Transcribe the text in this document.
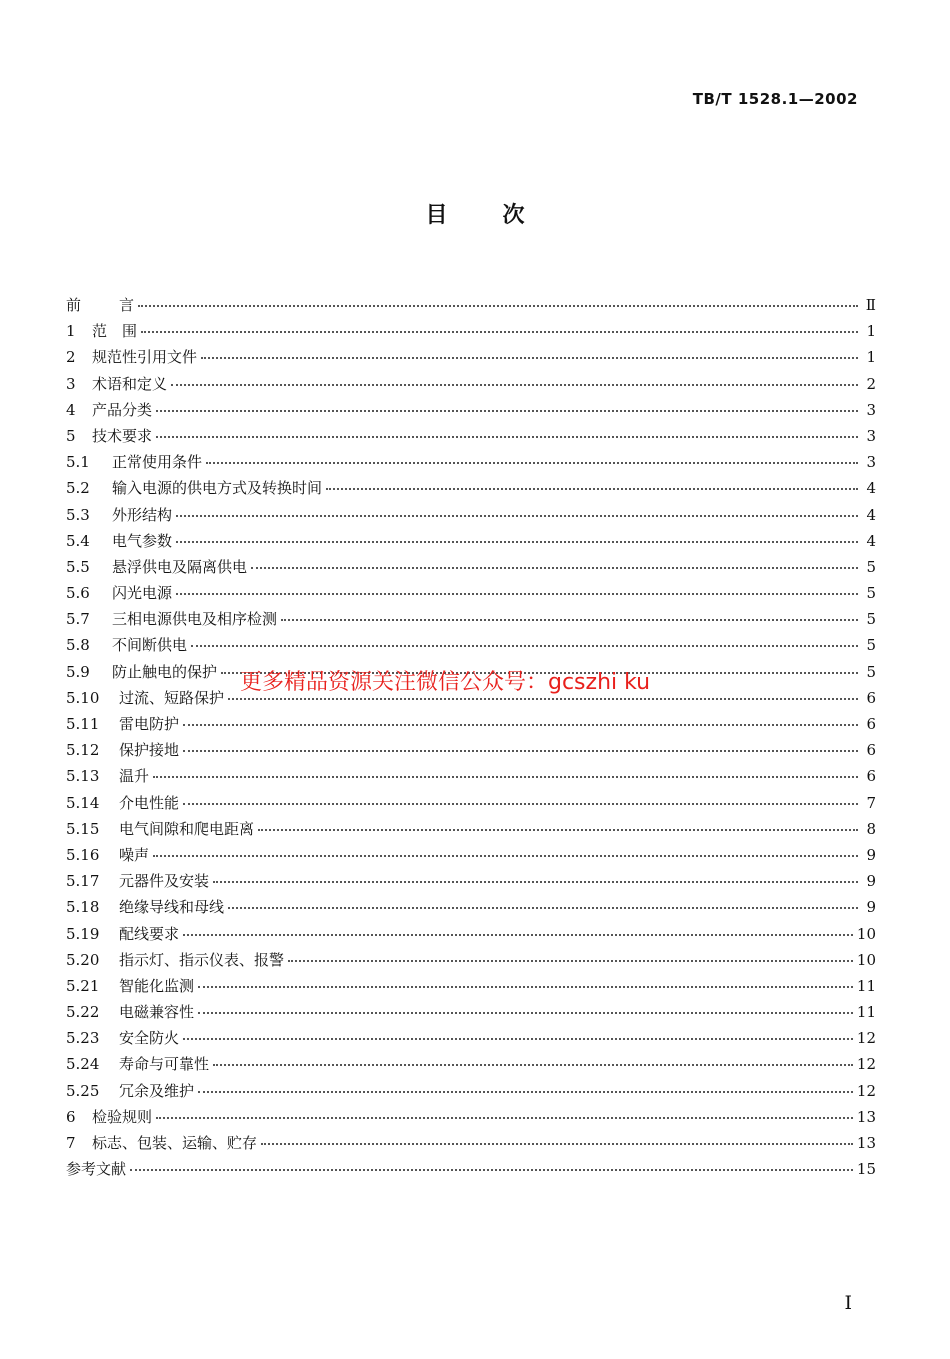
TB/T 1528.1—2002
目次
前	言	Ⅱ
1	范　围	1
2	规范性引用文件	1
3	术语和定义	2
4	产品分类	3
5	技术要求	3
5.1	正常使用条件	3
5.2	输入电源的供电方式及转换时间	4
5.3	外形结构	4
5.4	电气参数	4
5.5	悬浮供电及隔离供电	5
5.6	闪光电源	5
5.7	三相电源供电及相序检测	5
5.8	不间断供电	5
5.9	防止触电的保护	5
5.10	过流、短路保护	6
5.11	雷电防护	6
5.12	保护接地	6
5.13	温升	6
5.14	介电性能	7
5.15	电气间隙和爬电距离	8
5.16	噪声	9
5.17	元器件及安装	9
5.18	绝缘导线和母线	9
5.19	配线要求	10
5.20	指示灯、指示仪表、报警	10
5.21	智能化监测	11
5.22	电磁兼容性	11
5.23	安全防火	12
5.24	寿命与可靠性	12
5.25	冗余及维护	12
6	检验规则	13
7	标志、包装、运输、贮存	13
参考文献	15
更多精品资源关注微信公众号：gcszhi ku
I
